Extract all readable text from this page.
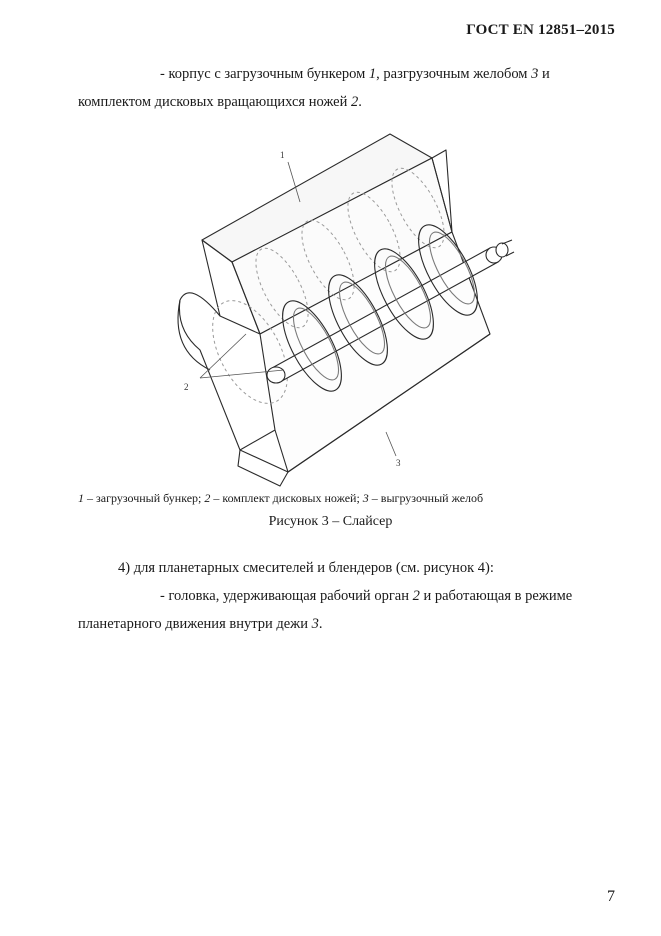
ГОСТ EN 12851–2015
- корпус с загрузочным бункером 1, разгрузочным желобом 3 и
комплектом дисковых вращающихся ножей 2.
1
2
3
1 – загрузочный бункер; 2 – комплект дисковых ножей; 3 – выгрузочный желоб
Рисунок 3 – Слайсер
4) для планетарных смесителей и блендеров (см. рисунок 4):
- головка, удерживающая рабочий орган 2 и работающая в режиме
планетарного движения внутри дежи 3.
7
